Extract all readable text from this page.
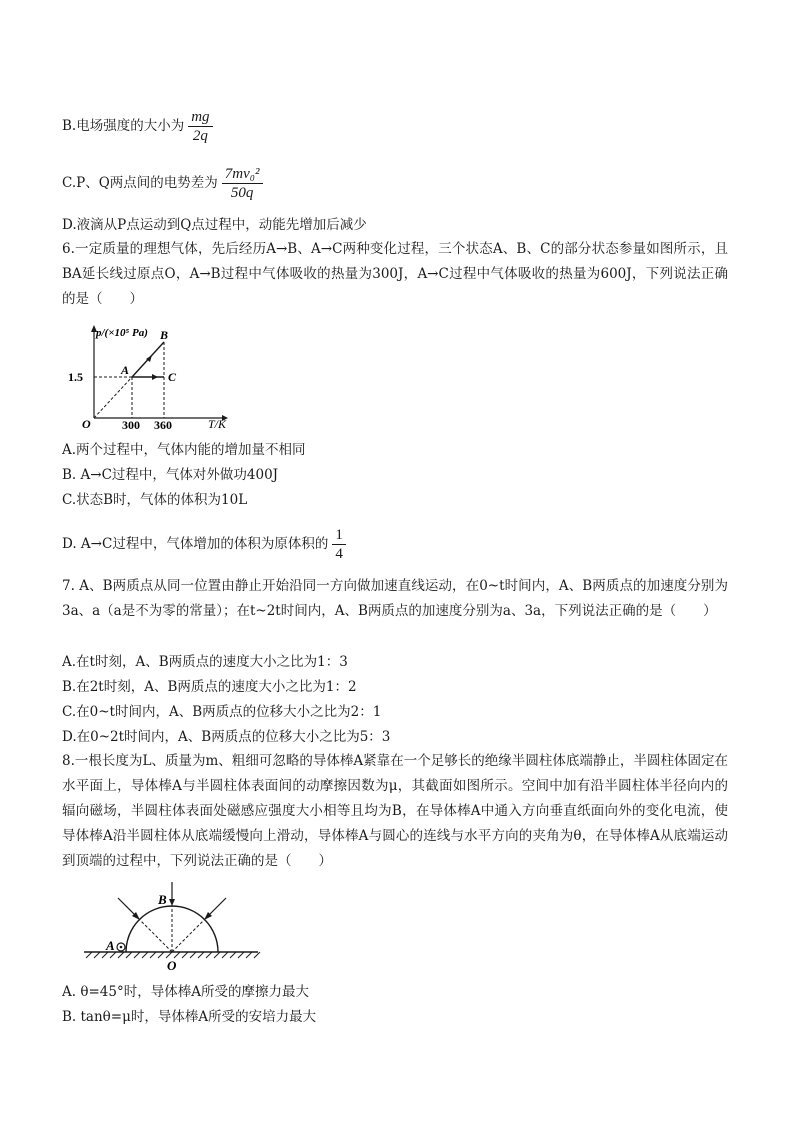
B.电场强度的大小为 $\frac{mg}{2q}$
C.P、Q两点间的电势差为 $\frac{\text{7mv₀²}}{50q}$
D.液滴从P点运动到Q点过程中，动能先增加后减少
6.一定质量的理想气体，先后经历A→B、A→C两种变化过程，三个状态A、B、C的部分状态参量如图所示，且BA延长线过原点O，A→B过程中气体吸收的热量为300J，A→C过程中气体吸收的热量为600J，下列说法正确的是（　　）
p/(×10⁵ Pa)
T/K
O
1.5
300 360
A
B
C
A.两个过程中，气体内能的增加量不相同
B. A→C过程中，气体对外做功400J
C.状态B时，气体的体积为10L
D. A→C过程中，气体增加的体积为原体积的 $\frac{1}{4}$
7. A、B两质点从同一位置由静止开始沿同一方向做加速直线运动，在0~t时间内，A、B两质点的加速度分别为3a、a（a是不为零的常量）；在t~2t时间内，A、B两质点的加速度分别为a、3a，下列说法正确的是（　　）
A.在t时刻，A、B两质点的速度大小之比为1：3
B.在2t时刻，A、B两质点的速度大小之比为1：2
C.在0~t时间内，A、B两质点的位移大小之比为2：1
D.在0~2t时间内，A、B两质点的位移大小之比为5：3
8.一根长度为L、质量为m、粗细可忽略的导体棒A紧靠在一个足够长的绝缘半圆柱体底端静止，半圆柱体固定在水平面上，导体棒A与半圆柱体表面间的动摩擦因数为μ，其截面如图所示。空间中加有沿半圆柱体半径向内的辐向磁场，半圆柱体表面处磁感应强度大小相等且均为B，在导体棒A中通入方向垂直纸面向外的变化电流，使导体棒A沿半圆柱体从底端缓慢向上滑动，导体棒A与圆心的连线与水平方向的夹角为θ，在导体棒A从底端运动到顶端的过程中，下列说法正确的是（　　）
A
B
O
A. θ=45°时，导体棒A所受的摩擦力最大
B. tanθ=μ时，导体棒A所受的安培力最大
